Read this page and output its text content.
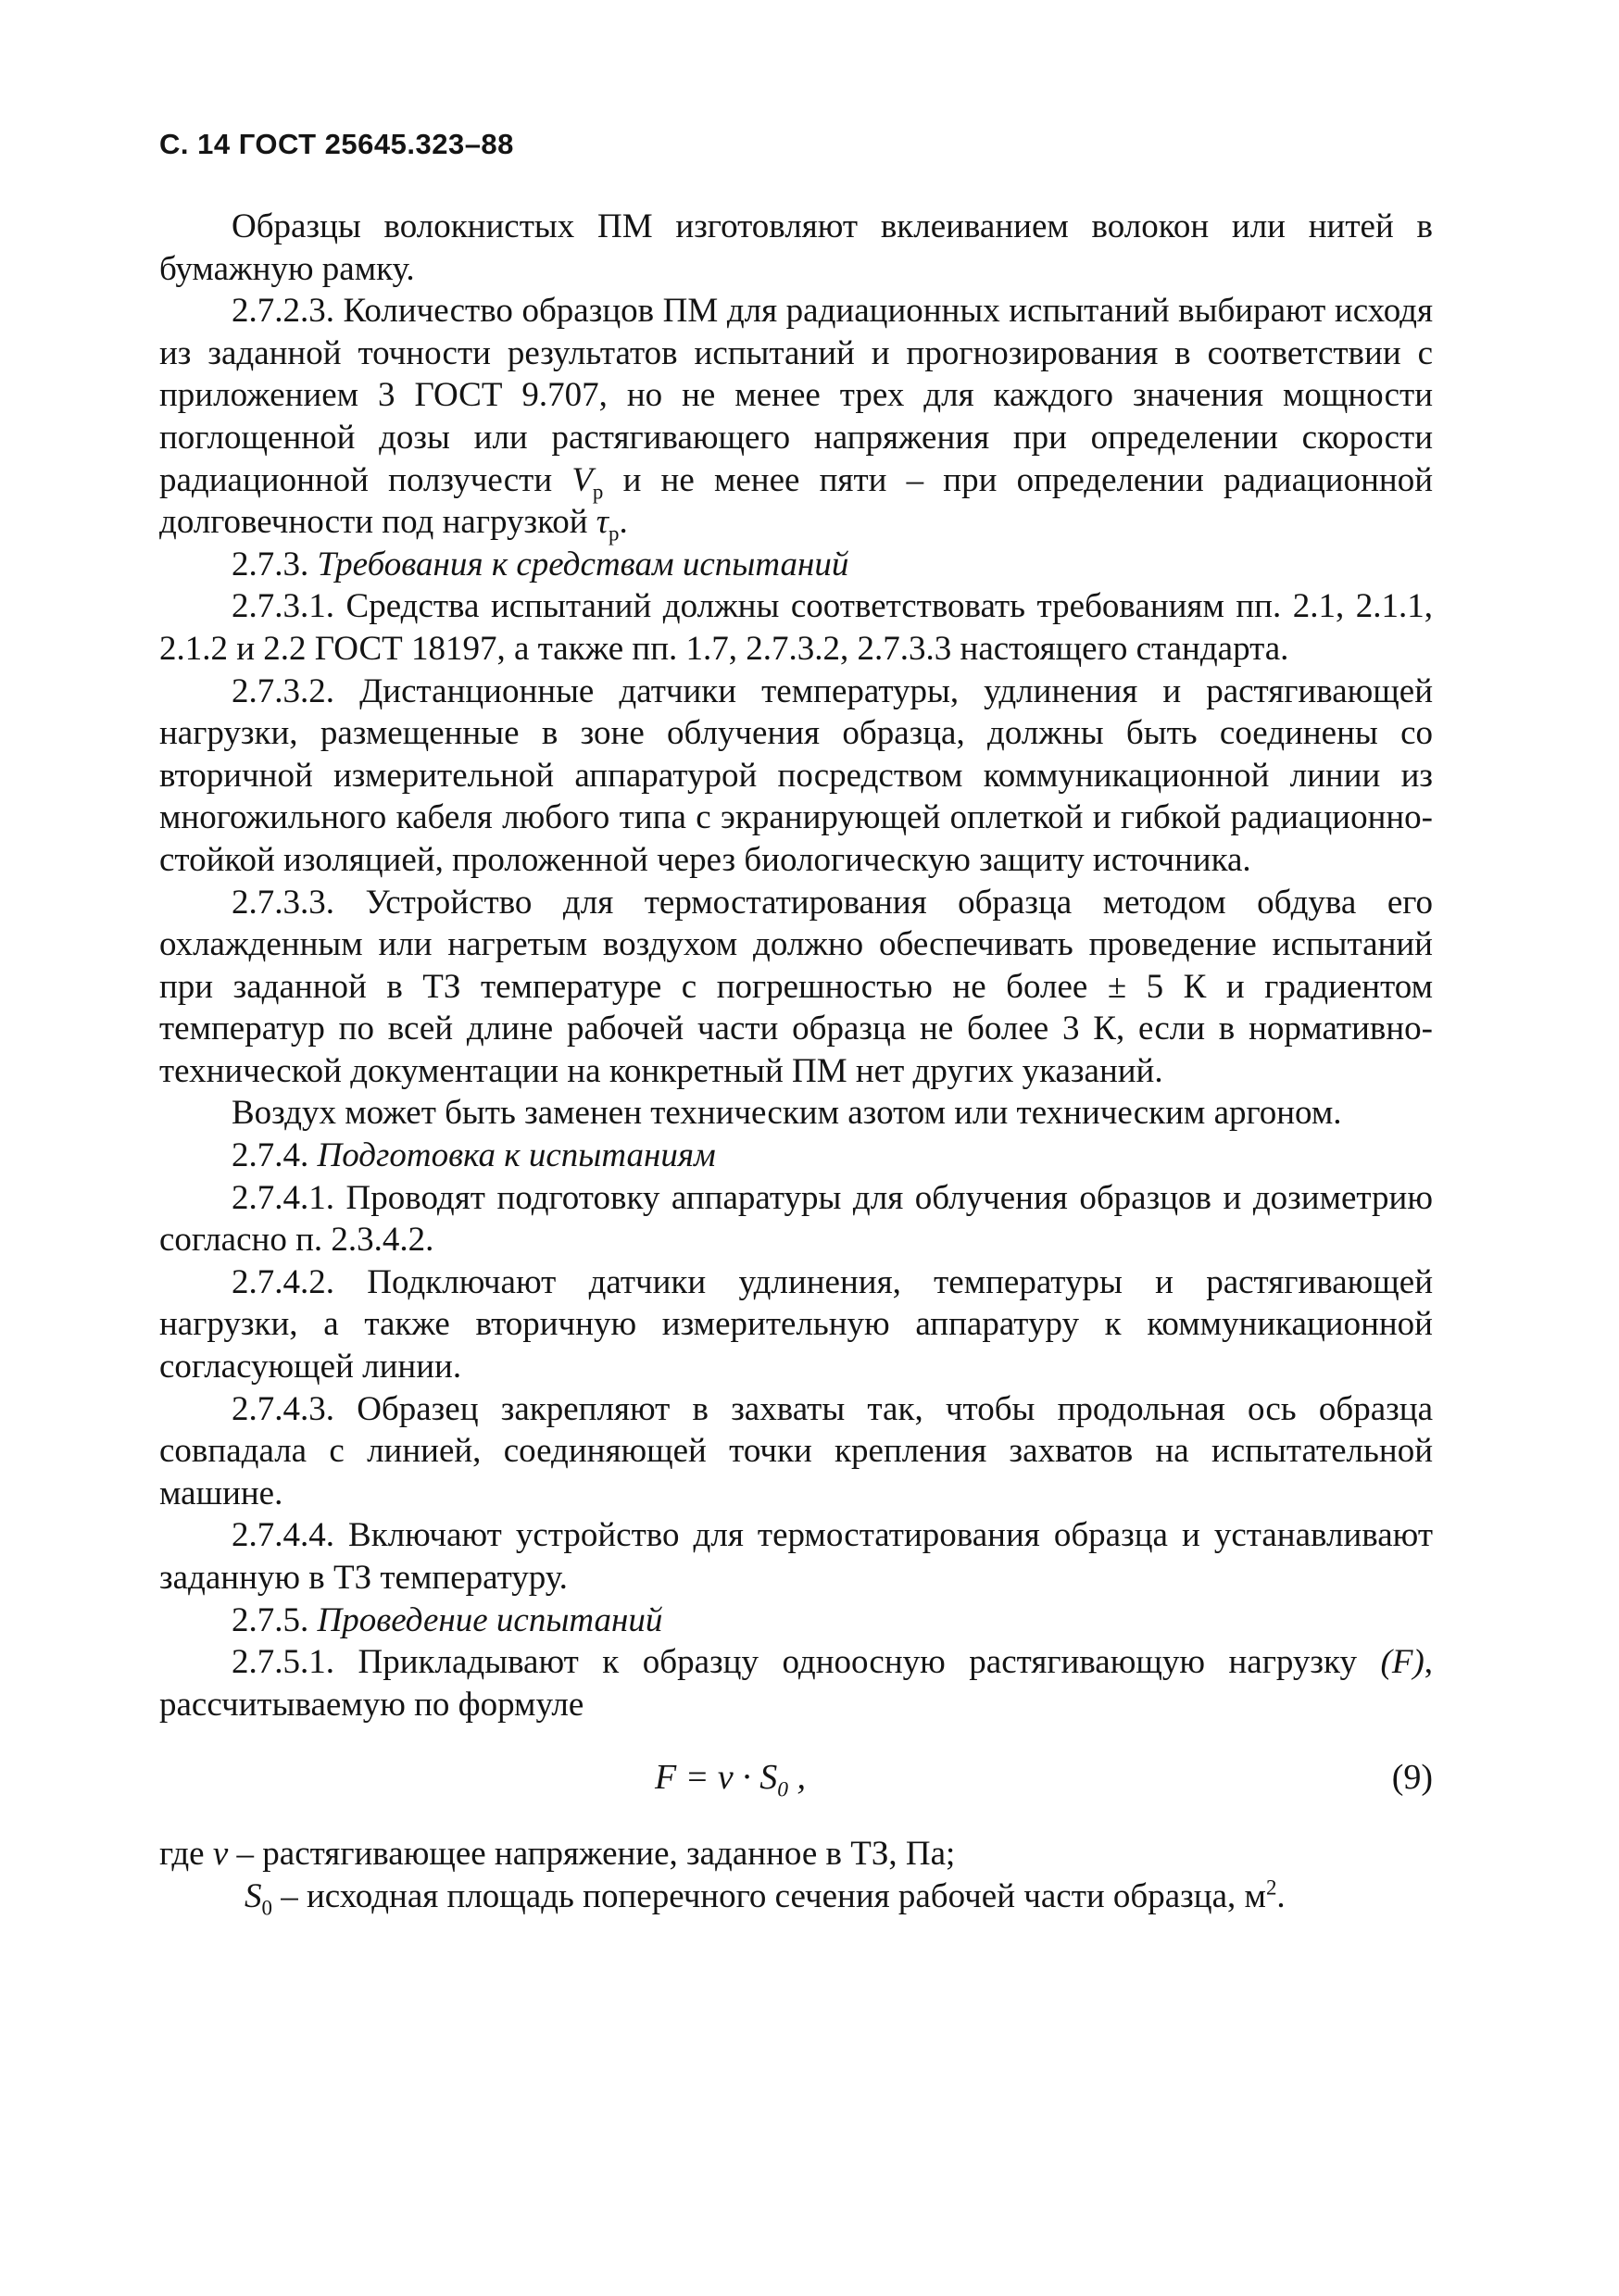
С. 14 ГОСТ 25645.323–88

Образцы волокнистых ПМ изготовляют вклеиванием волокон или нитей в бумажную рамку.

2.7.2.3. Количество образцов ПМ для радиационных испытаний выбирают исходя из заданной точности результатов испытаний и прогнозирования в соответствии с приложением 3 ГОСТ 9.707, но не менее трех для каждого значения мощности поглощенной дозы или растягивающего напряжения при определении скорости радиационной ползучести $V_р$ и не менее пяти – при определении радиационной долговечности под нагрузкой $\tau_р$.

2.7.3. Требования к средствам испытаний

2.7.3.1. Средства испытаний должны соответствовать требованиям пп. 2.1, 2.1.1, 2.1.2 и 2.2 ГОСТ 18197, а также пп. 1.7, 2.7.3.2, 2.7.3.3 настоящего стандарта.

2.7.3.2. Дистанционные датчики температуры, удлинения и растягивающей нагрузки, размещенные в зоне облучения образца, должны быть соединены со вторичной измерительной аппаратурой посредством коммуникационной линии из многожильного кабеля любого типа с экранирующей оплеткой и гибкой радиационно-стойкой изоляцией, проложенной через биологическую защиту источника.

2.7.3.3. Устройство для термостатирования образца методом обдува его охлажденным или нагретым воздухом должно обеспечивать проведение испытаний при заданной в ТЗ температуре с погрешностью не более ± 5 К и градиентом температур по всей длине рабочей части образца не более 3 К, если в нормативно-технической документации на конкретный ПМ нет других указаний.

Воздух может быть заменен техническим азотом или техническим аргоном.

2.7.4. Подготовка к испытаниям

2.7.4.1. Проводят подготовку аппаратуры для облучения образцов и дозиметрию согласно п. 2.3.4.2.

2.7.4.2. Подключают датчики удлинения, температуры и растягивающей нагрузки, а также вторичную измерительную аппаратуру к коммуникационной согласующей линии.

2.7.4.3. Образец закрепляют в захваты так, чтобы продольная ось образца совпадала с линией, соединяющей точки крепления захватов на испытательной машине.

2.7.4.4. Включают устройство для термостатирования образца и устанавливают заданную в ТЗ температуру.

2.7.5. Проведение испытаний

2.7.5.1. Прикладывают к образцу одноосную растягивающую нагрузку (F), рассчитываемую по формуле

$F = \nu \cdot S_0$ ,	(9)

где ν – растягивающее напряжение, заданное в ТЗ, Па;

$S_0$ – исходная площадь поперечного сечения рабочей части образца, $м^2$.
